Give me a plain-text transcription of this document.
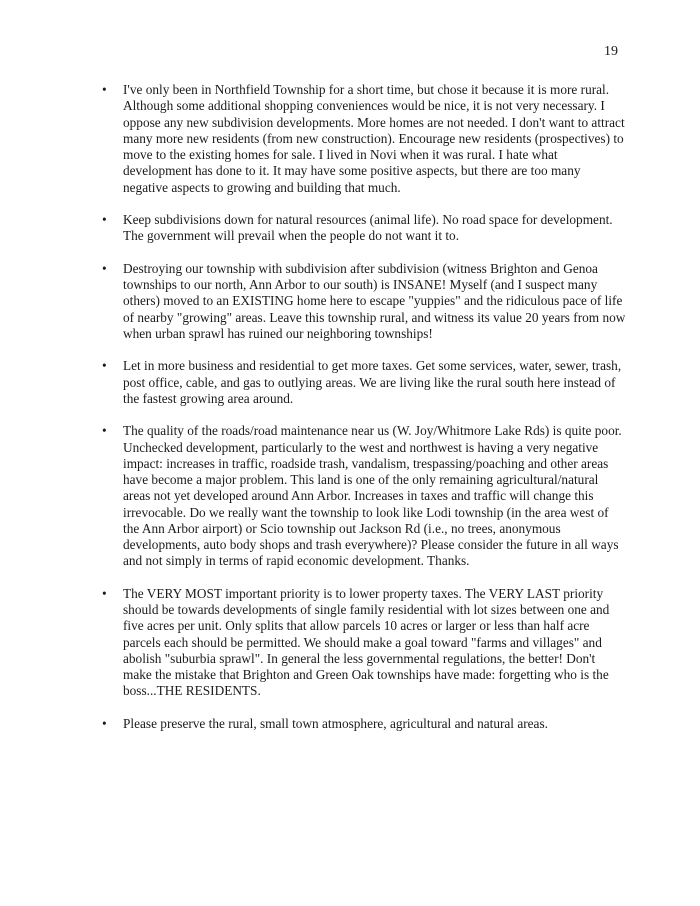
19
• I've only been in Northfield Township for a short time, but chose it because it is more rural. Although some additional shopping conveniences would be nice, it is not very necessary. I oppose any new subdivision developments. More homes are not needed. I don't want to attract many more new residents (from new construction). Encourage new residents (prospectives) to move to the existing homes for sale. I lived in Novi when it was rural. I hate what development has done to it. It may have some positive aspects, but there are too many negative aspects to growing and building that much.
• Keep subdivisions down for natural resources (animal life). No road space for development. The government will prevail when the people do not want it to.
• Destroying our township with subdivision after subdivision (witness Brighton and Genoa townships to our north, Ann Arbor to our south) is INSANE! Myself (and I suspect many others) moved to an EXISTING home here to escape "yuppies" and the ridiculous pace of life of nearby "growing" areas. Leave this township rural, and witness its value 20 years from now when urban sprawl has ruined our neighboring townships!
• Let in more business and residential to get more taxes. Get some services, water, sewer, trash, post office, cable, and gas to outlying areas. We are living like the rural south here instead of the fastest growing area around.
• The quality of the roads/road maintenance near us (W. Joy/Whitmore Lake Rds) is quite poor. Unchecked development, particularly to the west and northwest is having a very negative impact: increases in traffic, roadside trash, vandalism, trespassing/poaching and other areas have become a major problem. This land is one of the only remaining agricultural/natural areas not yet developed around Ann Arbor. Increases in taxes and traffic will change this irrevocable. Do we really want the township to look like Lodi township (in the area west of the Ann Arbor airport) or Scio township out Jackson Rd (i.e., no trees, anonymous developments, auto body shops and trash everywhere)? Please consider the future in all ways and not simply in terms of rapid economic development. Thanks.
• The VERY MOST important priority is to lower property taxes. The VERY LAST priority should be towards developments of single family residential with lot sizes between one and five acres per unit. Only splits that allow parcels 10 acres or larger or less than half acre parcels each should be permitted. We should make a goal toward "farms and villages" and abolish "suburbia sprawl". In general the less governmental regulations, the better! Don't make the mistake that Brighton and Green Oak townships have made: forgetting who is the boss...THE RESIDENTS.
• Please preserve the rural, small town atmosphere, agricultural and natural areas.
